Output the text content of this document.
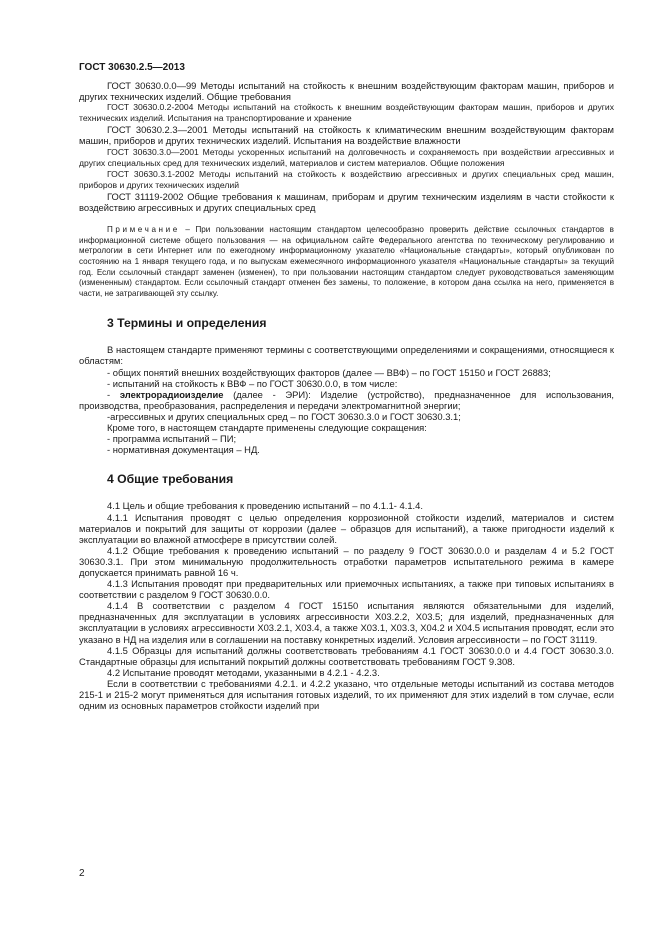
ГОСТ 30630.2.5—2013

ГОСТ 30630.0.0—99 Методы испытаний на стойкость к внешним воздействующим факторам машин, приборов и других технических изделий. Общие требования

ГОСТ 30630.0.2-2004 Методы испытаний на стойкость к внешним воздействующим факторам машин, приборов и других технических изделий. Испытания на транспортирование и хранение

ГОСТ 30630.2.3—2001 Методы испытаний на стойкость к климатическим внешним воздействующим факторам машин, приборов и других технических изделий. Испытания на воздействие влажности

ГОСТ 30630.3.0—2001 Методы ускоренных испытаний на долговечность и сохраняемость при воздействии агрессивных и других специальных сред для технических изделий, материалов и систем материалов. Общие положения

ГОСТ 30630.3.1-2002 Методы испытаний на стойкость к воздействию агрессивных и других специальных сред машин, приборов и других технических изделий

ГОСТ 31119-2002 Общие требования к машинам, приборам и другим техническим изделиям в части стойкости к воздействию агрессивных и других специальных сред

Примечание – При пользовании настоящим стандартом целесообразно проверить действие ссылочных стандартов в информационной системе общего пользования — на официальном сайте Федерального агентства по техническому регулированию и метрологии в сети Интернет или по ежегодному информационному указателю «Национальные стандарты», который опубликован по состоянию на 1 января текущего года, и по выпускам ежемесячного информационного указателя «Национальные стандарты» за текущий год. Если ссылочный стандарт заменен (изменен), то при пользовании настоящим стандартом следует руководствоваться заменяющим (измененным) стандартом. Если ссылочный стандарт отменен без замены, то положение, в котором дана ссылка на него, применяется в части, не затрагивающей эту ссылку.

3 Термины и определения

В настоящем стандарте применяют термины с соответствующими определениями и сокращениями, относящиеся к областям:

- общих понятий внешних воздействующих факторов (далее — ВВФ) – по ГОСТ 15150 и ГОСТ 26883;

- испытаний на стойкость к ВВФ – по ГОСТ 30630.0.0, в том числе:

- электрорадиоизделие (далее - ЭРИ): Изделие (устройство), предназначенное для использования, производства, преобразования, распределения и передачи электромагнитной энергии;

-агрессивных и других специальных сред – по ГОСТ 30630.3.0 и ГОСТ 30630.3.1;

Кроме того, в настоящем стандарте применены следующие сокращения:

- программа испытаний – ПИ;

- нормативная документация – НД.

4 Общие требования

4.1 Цель и общие требования к проведению испытаний – по 4.1.1- 4.1.4.

4.1.1 Испытания проводят с целью определения коррозионной стойкости изделий, материалов и систем материалов и покрытий для защиты от коррозии (далее – образцов для испытаний), а также пригодности изделий к эксплуатации во влажной атмосфере в присутствии солей.

4.1.2 Общие требования к проведению испытаний – по разделу 9 ГОСТ 30630.0.0 и разделам 4 и 5.2 ГОСТ 30630.3.1. При этом минимальную продолжительность отработки параметров испытательного режима в камере допускается принимать равной 16 ч.

4.1.3 Испытания проводят при предварительных или приемочных испытаниях, а также при типовых испытаниях в соответствии с разделом 9 ГОСТ 30630.0.0.

4.1.4 В соответствии с разделом 4 ГОСТ 15150 испытания являются обязательными для изделий, предназначенных для эксплуатации в условиях агрессивности Х03.2.2, Х03.5; для изделий, предназначенных для эксплуатации в условиях агрессивности Х03.2.1, Х03.4, а также Х03.1, Х03.3, Х04.2 и Х04.5 испытания проводят, если это указано в НД на изделия или в соглашении на поставку конкретных изделий. Условия агрессивности – по ГОСТ 31119.

4.1.5 Образцы для испытаний должны соответствовать требованиям 4.1 ГОСТ 30630.0.0 и 4.4 ГОСТ 30630.3.0. Стандартные образцы для испытаний покрытий должны соответствовать требованиям ГОСТ 9.308.

4.2 Испытание проводят методами, указанными в 4.2.1 - 4.2.3.

Если в соответствии с требованиями 4.2.1. и 4.2.2 указано, что отдельные методы испытаний из состава методов 215-1 и 215-2 могут применяться для испытания готовых изделий, то их применяют для этих изделий в том случае, если одним из основных параметров стойкости изделий при

2
